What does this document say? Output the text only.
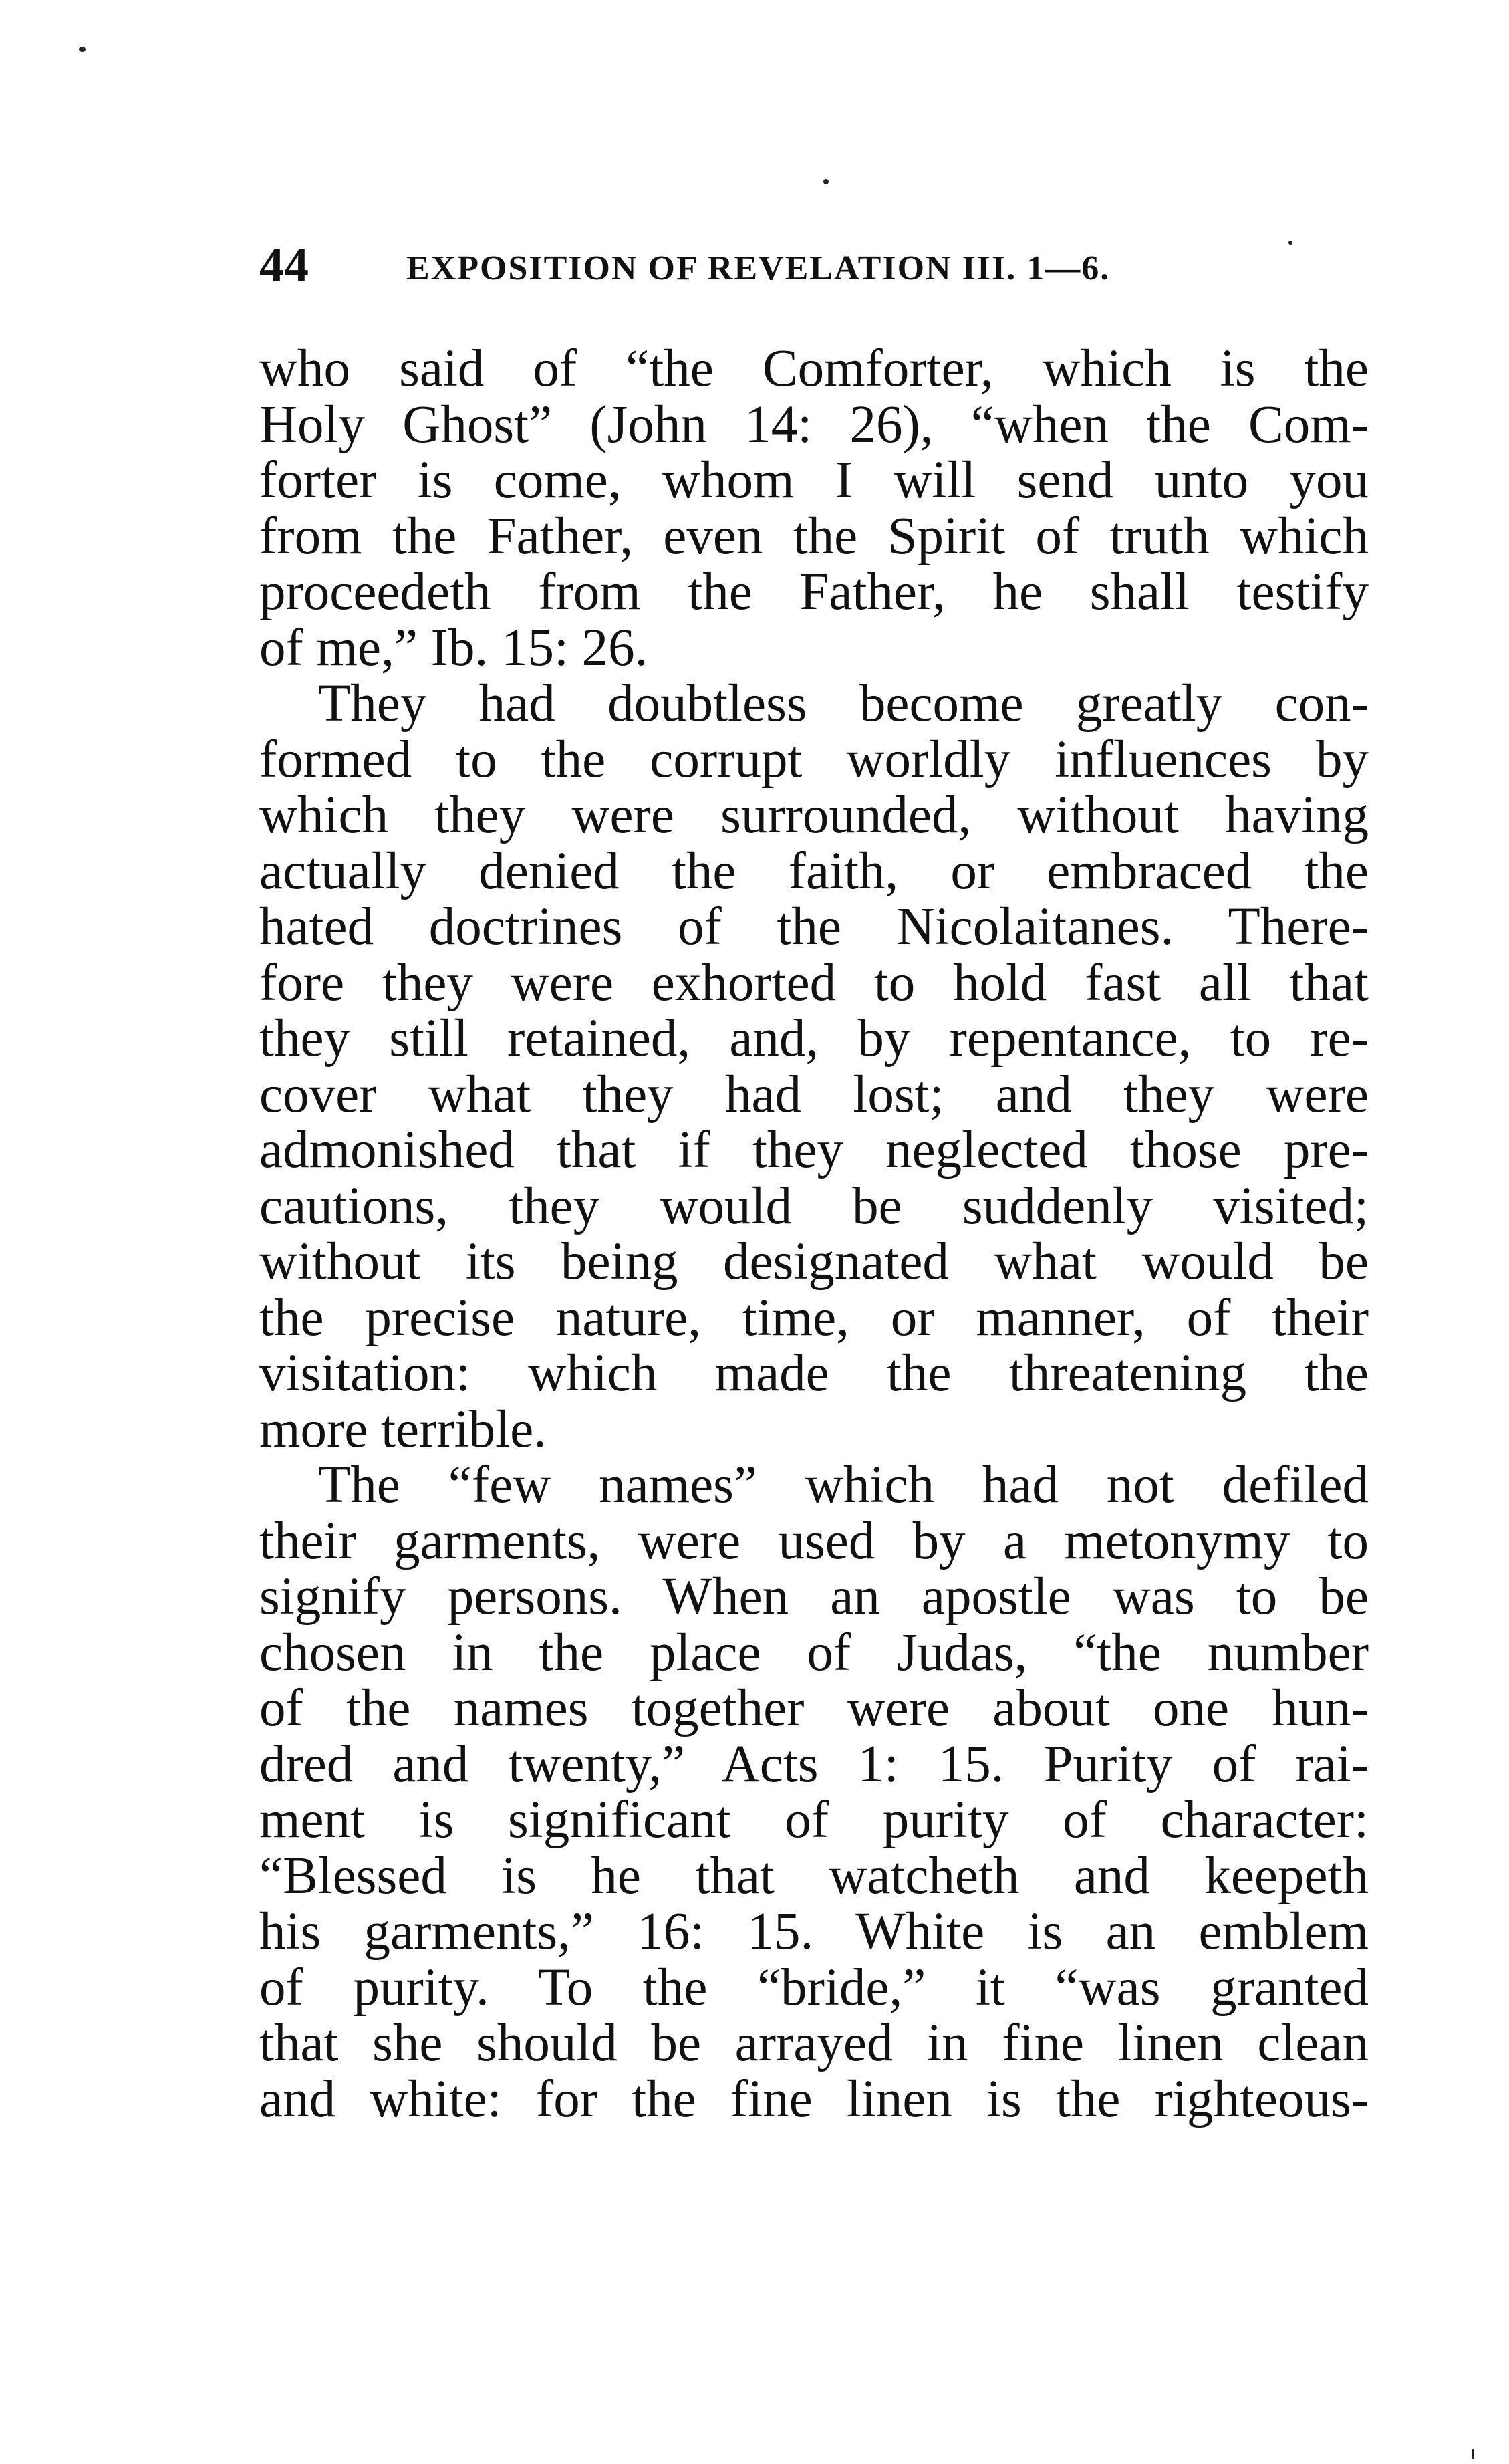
44	EXPOSITION OF REVELATION III. 1—6.
who said of “the Comforter, which is the
Holy Ghost” (John 14: 26), “when the Com-
forter is come, whom I will send unto you
from the Father, even the Spirit of truth which
proceedeth from the Father, he shall testify
of me,” Ib. 15: 26.
They had doubtless become greatly con-
formed to the corrupt worldly influences by
which they were surrounded, without having
actually denied the faith, or embraced the
hated doctrines of the Nicolaitanes. There-
fore they were exhorted to hold fast all that
they still retained, and, by repentance, to re-
cover what they had lost; and they were
admonished that if they neglected those pre-
cautions, they would be suddenly visited;
without its being designated what would be
the precise nature, time, or manner, of their
visitation: which made the threatening the
more terrible.
The “few names” which had not defiled
their garments, were used by a metonymy to
signify persons. When an apostle was to be
chosen in the place of Judas, “the number
of the names together were about one hun-
dred and twenty,” Acts 1: 15. Purity of rai-
ment is significant of purity of character:
“Blessed is he that watcheth and keepeth
his garments,” 16: 15. White is an emblem
of purity. To the “bride,” it “was granted
that she should be arrayed in fine linen clean
and white: for the fine linen is the righteous-
